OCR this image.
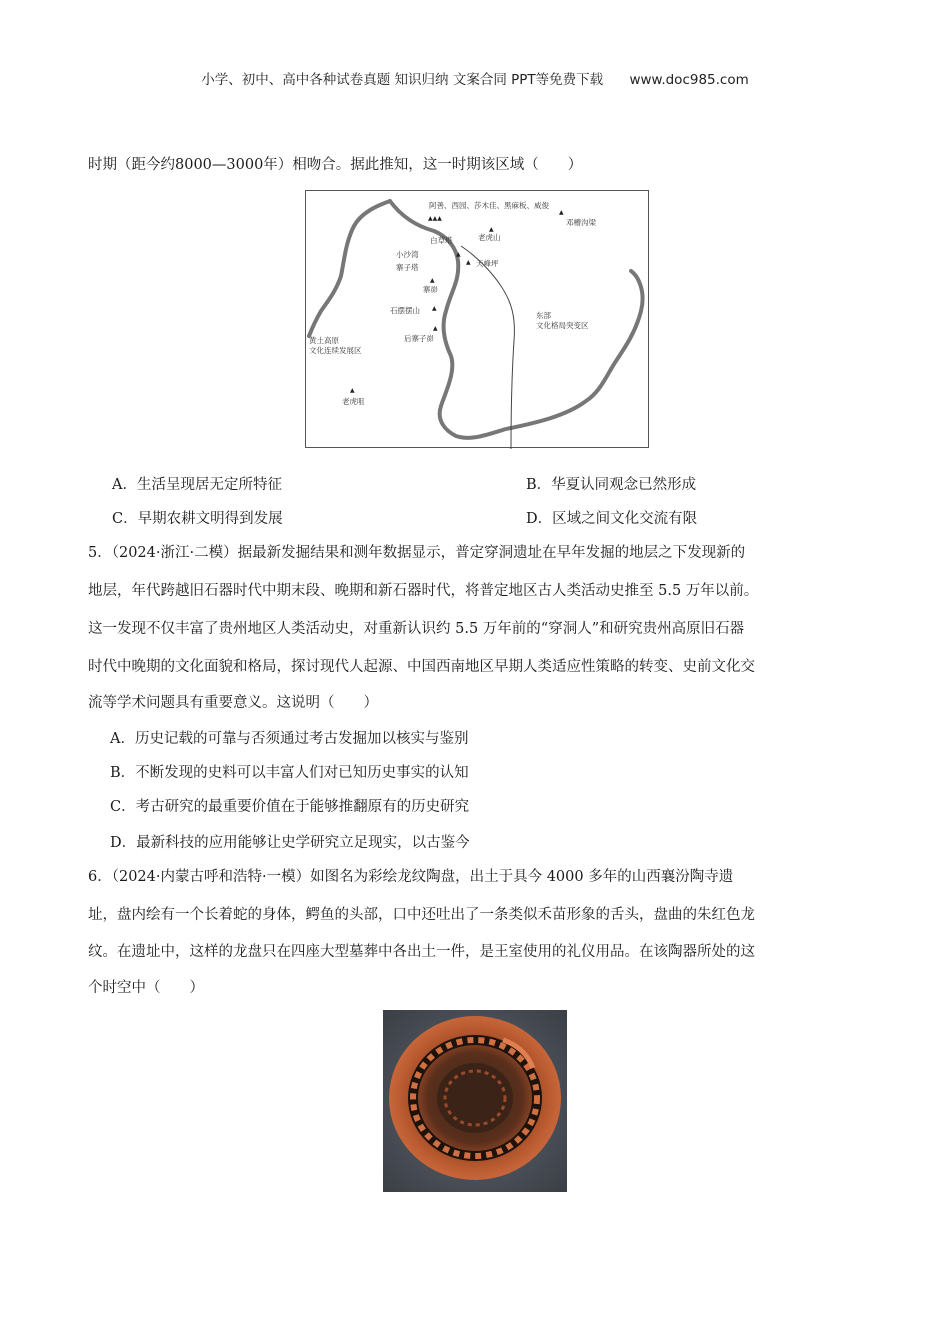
小学、初中、高中各种试卷真题 知识归纳 文案合同 PPT等免费下载 www.doc985.com
时期（距今约8000—3000年）相吻合。据此推知，这一时期该区域（　　）
阿善、西园、莎木佳、黑麻板、威俊
邓槽沟梁
白草塔	老虎山
小沙湾
寨子塔	天峰坪
寨峁
石摆摆山
后寨子峁
东部
文化格局突变区
黄土高原
文化连续发展区
老虎咀
▲▲▲
▲
▲
▲
▲
▲
▲
▲
▲
A．生活呈现居无定所特征	B．华夏认同观念已然形成
C．早期农耕文明得到发展	D．区域之间文化交流有限
5．（2024·浙江·二模）据最新发掘结果和测年数据显示，普定穿洞遗址在早年发掘的地层之下发现新的
地层，年代跨越旧石器时代中期末段、晚期和新石器时代，将普定地区古人类活动史推至 5.5 万年以前。
这一发现不仅丰富了贵州地区人类活动史，对重新认识约 5.5 万年前的“穿洞人”和研究贵州高原旧石器
时代中晚期的文化面貌和格局，探讨现代人起源、中国西南地区早期人类适应性策略的转变、史前文化交
流等学术问题具有重要意义。这说明（　　）
A．历史记载的可靠与否须通过考古发掘加以核实与鉴别
B．不断发现的史料可以丰富人们对已知历史事实的认知
C．考古研究的最重要价值在于能够推翻原有的历史研究
D．最新科技的应用能够让史学研究立足现实，以古鉴今
6．（2024·内蒙古呼和浩特·一模）如图名为彩绘龙纹陶盘，出土于具今 4000 多年的山西襄汾陶寺遗
址，盘内绘有一个长着蛇的身体，鳄鱼的头部，口中还吐出了一条类似禾苗形象的舌头，盘曲的朱红色龙
纹。在遗址中，这样的龙盘只在四座大型墓葬中各出土一件，是王室使用的礼仪用品。在该陶器所处的这
个时空中（　　）
